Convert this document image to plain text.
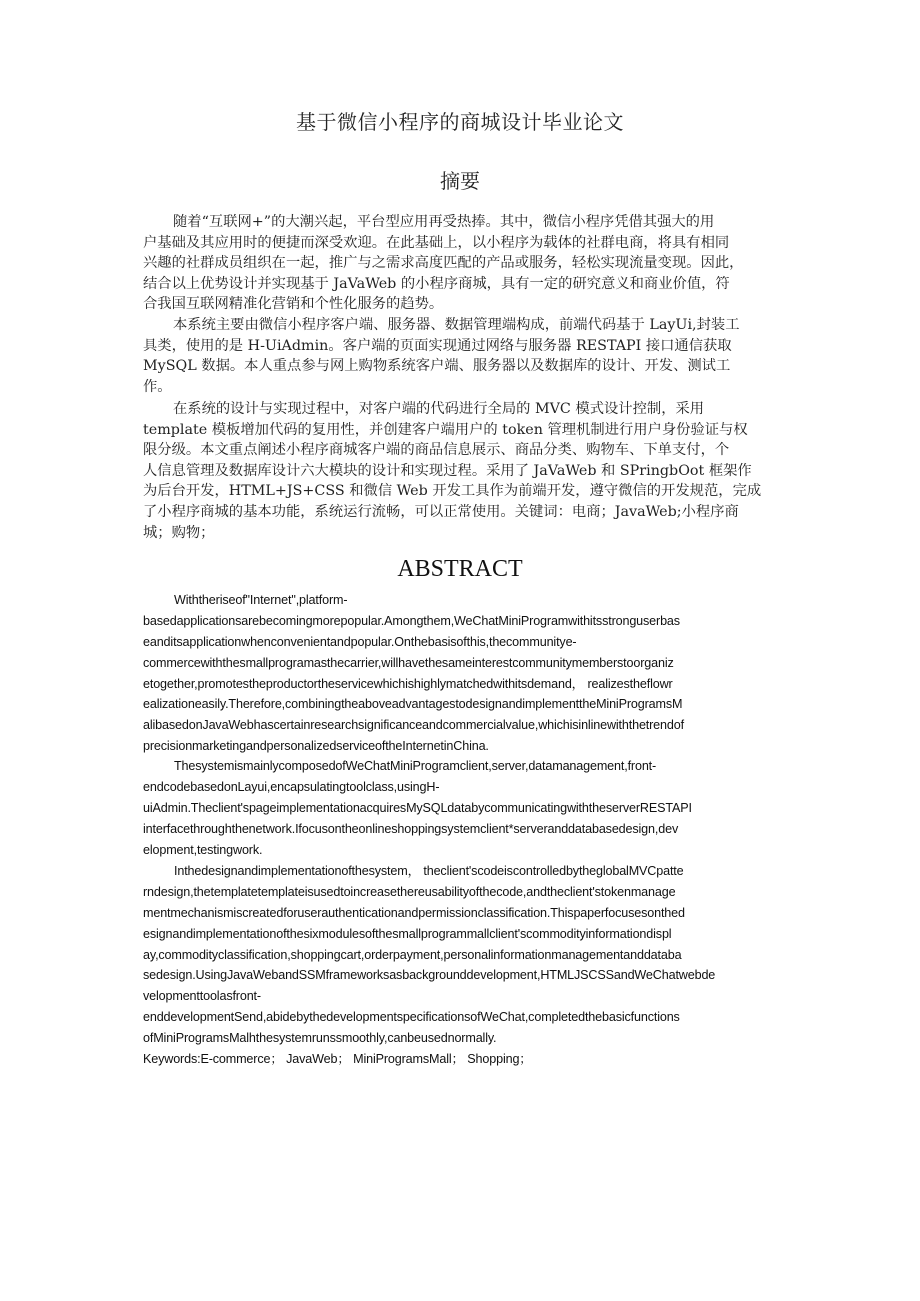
基于微信小程序的商城设计毕业论文
摘要
随着“互联网+”的大潮兴起，平台型应用再受热捧。其中，微信小程序凭借其强大的用
户基础及其应用时的便捷而深受欢迎。在此基础上，以小程序为载体的社群电商，将具有相同
兴趣的社群成员组织在一起，推广与之需求高度匹配的产品或服务，轻松实现流量变现。因此，
结合以上优势设计并实现基于 JaVaWeb 的小程序商城，具有一定的研究意义和商业价值，符
合我国互联网精准化营销和个性化服务的趋势。
本系统主要由微信小程序客户端、服务器、数据管理端构成，前端代码基于 LayUi,封装工
具类，使用的是 H-UiAdmin。客户端的页面实现通过网络与服务器 RESTAPI 接口通信获取
MySQL 数据。本人重点参与网上购物系统客户端、服务器以及数据库的设计、开发、测试工
作。
在系统的设计与实现过程中，对客户端的代码进行全局的 MVC 模式设计控制，采用
template 模板增加代码的复用性，并创建客户端用户的 token 管理机制进行用户身份验证与权
限分级。本文重点阐述小程序商城客户端的商品信息展示、商品分类、购物车、下单支付，个
人信息管理及数据库设计六大模块的设计和实现过程。采用了 JaVaWeb 和 SPringbOot 框架作
为后台开发，HTML+JS+CSS 和微信 Web 开发工具作为前端开发，遵守微信的开发规范，完成
了小程序商城的基本功能，系统运行流畅，可以正常使用。关键词：电商；JavaWeb;小程序商
城；购物；
ABSTRACT
Withtheriseof"Internet",platform-
basedapplicationsarebecomingmorepopular.Amongthem,WeChatMiniProgramwithitsstronguserbas
eanditsapplicationwhenconvenientandpopular.Onthebasisofthis,thecommunitye-
commercewiththesmallprogramasthecarrier,willhavethesameinterestcommunitymemberstoorganiz
etogether,promotestheproductortheservicewhichishighlymatchedwithitsdemand， realizestheflowr
ealizationeasily.Therefore,combiningtheaboveadvantagestodesignandimplementtheMiniProgramsM
alibasedonJavaWebhascertainresearchsignificanceandcommercialvalue,whichisinlinewiththetrendof
precisionmarketingandpersonalizedserviceoftheInternetinChina.
ThesystemismainlycomposedofWeChatMiniProgramclient,server,datamanagement,front-
endcodebasedonLayui,encapsulatingtoolclass,usingH-
uiAdmin.Theclient'spageimplementationacquiresMySQLdatabycommunicatingwiththeserverRESTAPI
interfacethroughthenetwork.Ifocusontheonlineshoppingsystemclient*serveranddatabasedesign,dev
elopment,testingwork.
Inthedesignandimplementationofthesystem， theclient'scodeiscontrolledbytheglobalMVCpatte
rndesign,thetemplatetemplateisusedtoincreasethereusabilityofthecode,andtheclient'stokenmanage
mentmechanismiscreatedforuserauthenticationandpermissionclassification.Thispaperfocusesonthed
esignandimplementationofthesixmodulesofthesmallprogrammallclient'scommodityinformationdispl
ay,commodityclassification,shoppingcart,orderpayment,personalinformationmanagementanddataba
sedesign.UsingJavaWebandSSMframeworksasbackgrounddevelopment,HTMLJSCSSandWeChatwebde
velopmenttoolasfront-
enddevelopmentSend,abidebythedevelopmentspecificationsofWeChat,completedthebasicfunctions
ofMiniProgramsMalhthesystemrunssmoothly,canbeusednormally.
Keywords:E-commerce； JavaWeb； MiniProgramsMall； Shopping；
